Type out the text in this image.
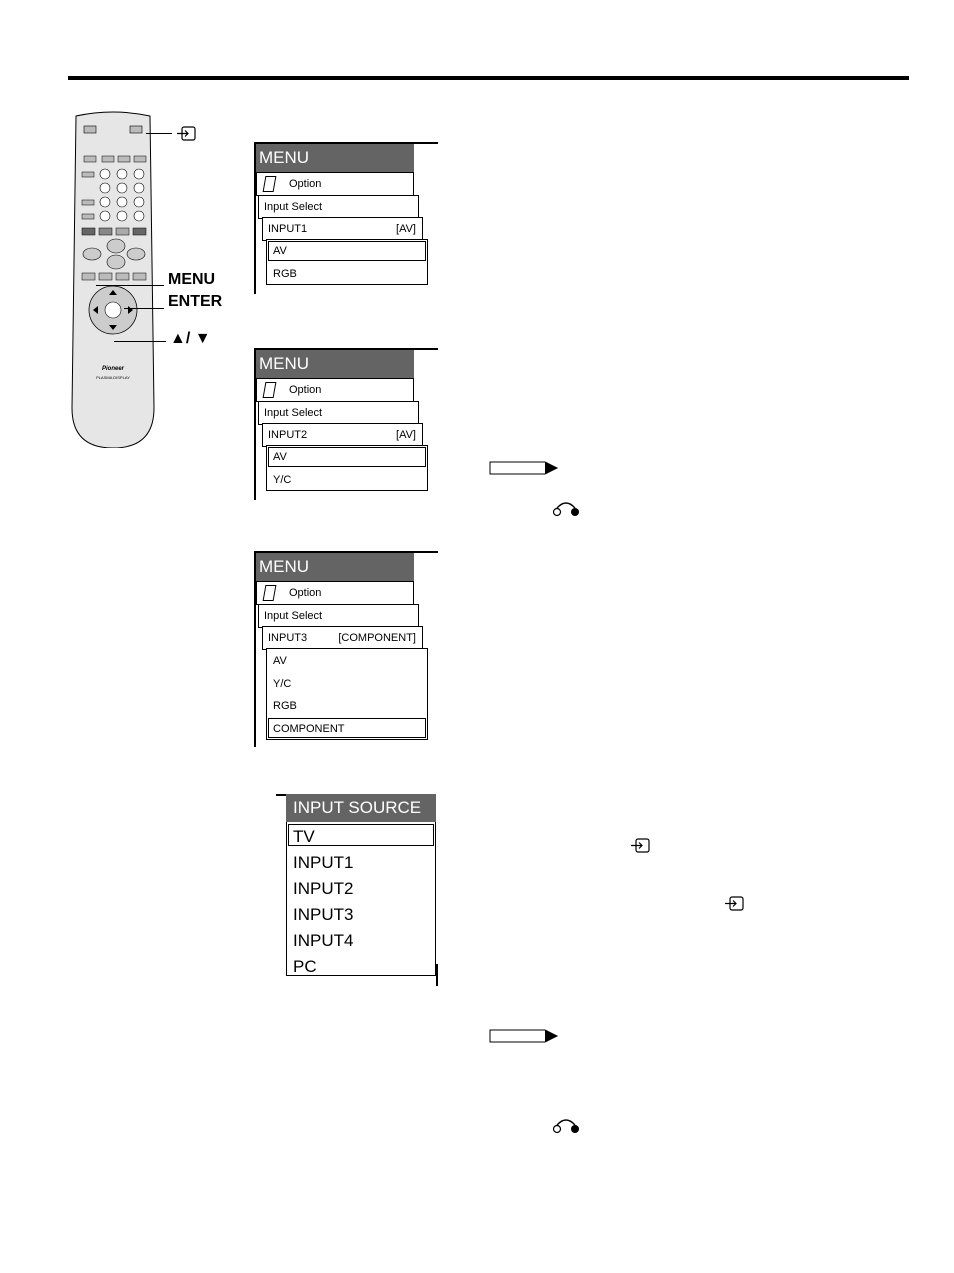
Pioneer
PLASMA DISPLAY
MENU
ENTER
▲/ ▼
MENU
Option
Input Select
INPUT1	[AV]
AV
RGB
MENU
Option
Input Select
INPUT2	[AV]
AV
Y/C
MENU
Option
Input Select
INPUT3	[COMPONENT]
AV
Y/C
RGB
COMPONENT
INPUT SOURCE
TV
INPUT1
INPUT2
INPUT3
INPUT4
PC
